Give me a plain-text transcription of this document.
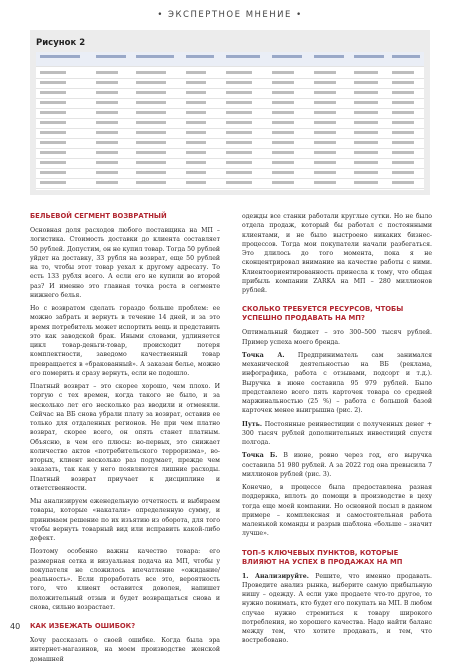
• ЭКСПЕРТНОЕ МНЕНИЕ •
Рисунок 2
БЕЛЬЕВОЙ СЕГМЕНТ ВОЗВРАТНЫЙ

Основная доля расходов любого поставщика на МП – логистика. Стоимость доставки до клиента составляет 50 рублей. Допустим, он не купил товар. Тогда 50 рублей уйдет на доставку, 33 рубля на возврат, еще 50 рублей на то, чтобы этот товар уехал к другому адресату. То есть 133 рубля всего. А если его не купили во второй раз? И именно это главная точка роста в сегменте нижнего белья.

Но с возвратом сделать гораздо больше проблем: ее можно забрать и вернуть в течение 14 дней, и за это время потребитель может испортить вещь и представить это как заводской брак. Иными словами, удлиняется цикл товар-деньги-товар, происходит потеря комплектности, заведомо качественный товар превращается в «бракованный». А заказан белье, можно его померить и сразу вернуть, если не подошло.

Платный возврат – это скорее хорошо, чем плохо. И торгую с тех времен, когда такого не было, и за несколько лет его несколько раз вводили и отменяли. Сейчас на ВБ снова убрали плату за возврат, оставив ее только для отдаленных регионов. Не при чем платно возврат, скорее всего, он опять станет платным. Объясню, в чем его плюсы: во-первых, это снижает количество актов «потребительского терроризма», во-вторых, клиент несколько раз подумает, прежде чем заказать, так как у него появляются лишние расходы. Платный возврат приучает к дисциплине и ответственности.

Мы анализируем еженедельную отчетность и выбираем товары, которые «накатали» определенную сумму, и принимаем решение по их изъятию из оборота, для того чтобы вернуть товарный вид или исправить какой-либо дефект.

Поэтому особенно важны качество товара: его размерная сетка и визуальная подача на МП, чтобы у покупателя не сложилось впечатление «ожидание/реальность». Если проработать все это, вероятность того, что клиент оставится доволен, напишет положительный отзыв и будет возвращаться снова и снова, сильно возрастает.

КАК ИЗБЕЖАТЬ ОШИБОК?

Хочу рассказать о своей ошибке. Когда была эра интернет-магазинов, на моем производстве женской домашней

одежды все станки работали круглые сутки. Но не было отдела продаж, который бы работал с постоянными клиентами, и не было выстроено никаких бизнес-процессов. Тогда мои покупатели начали разбегаться. Это длилось до того момента, пока я не сконцентрировал внимание на качестве работы с ними. Клиентоориентированность принесла к тому, что общая прибыль компании ZARKA на МП – 280 миллионов рублей.

СКОЛЬКО ТРЕБУЕТСЯ РЕСУРСОВ, ЧТОБЫ УСПЕШНО ПРОДАВАТЬ НА МП?

Оптимальный бюджет – это 300–500 тысяч рублей. Пример успеха моего бренда.

Точка А. Предприниматель сам занимался механической деятельностью на ВБ (реклама, инфографика, работа с отзывами, подсорт и т.д.). Выручка в июне составила 95 979 рублей. Было представлено всего пять карточек товара со средней маржинальностью (25 %) – работа с большой базой карточек менее выигрышна (рис. 2).

Путь. Постоянные реинвестиции с полученных денег + 300 тысяч рублей дополнительных инвестиций спустя полгода.

Точка Б. В июне, ровно через год, его выручка составила 51 980 рублей. А за 2022 год она превысила 7 миллионов рублей (рис. 3).

Конечно, в процессе была предоставлена разная поддержка, вплоть до помощи в производстве в цеху тогда еще моей компании. Но основной посыл в данном примере – комплексная и самостоятельная работа маленькой команды и разрыв шаблона «больше – значит лучше».

ТОП-5 КЛЮЧЕВЫХ ПУНКТОВ, КОТОРЫЕ ВЛИЯЮТ НА УСПЕХ В ПРОДАЖАХ НА МП

1. Анализируйте. Решите, что именно продавать. Проведите анализ рынка, выберите самую прибыльную нишу – одежду. А если уже продаете что-то другое, то нужно понимать, кто будет его покупать на МП. В любом случае нужно стремиться к товару широкого потребления, но хорошего качества. Надо найти баланс между тем, что хотите продавать, и тем, что востребовано.

40
